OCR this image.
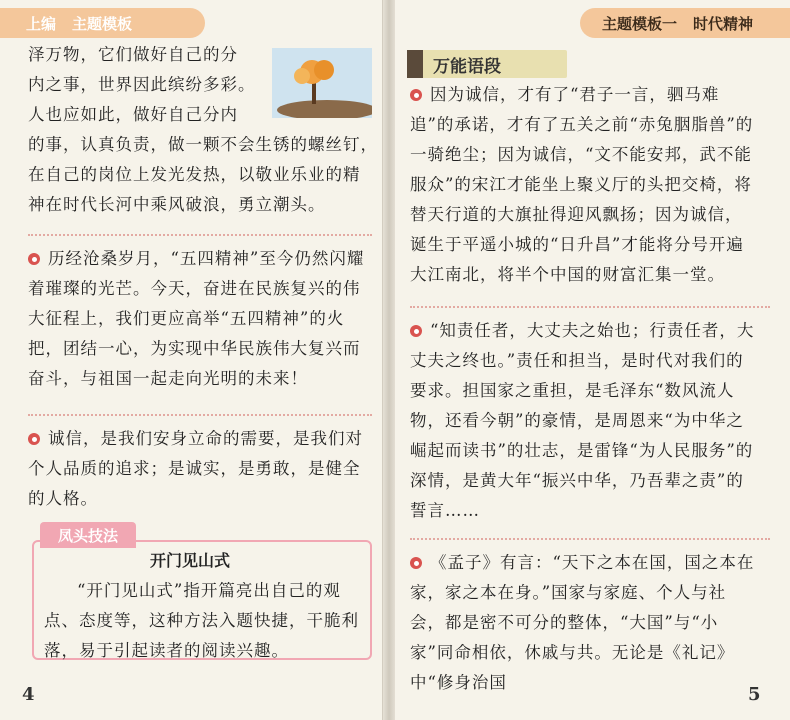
上编 主题模板
泽万物，它们做好自己的分
内之事，世界因此缤纷多彩。
人也应如此，做好自己分内
的事，认真负责，做一颗不会生锈的螺丝钉，
在自己的岗位上发光发热，以敬业乐业的精
神在时代长河中乘风破浪，勇立潮头。

历经沧桑岁月，“五四精神”至今仍然闪耀着璀璨的光芒。今天，奋进在民族复兴的伟大征程上，我们更应高举“五四精神”的火把，团结一心，为实现中华民族伟大复兴而奋斗，与祖国一起走向光明的未来！

诚信，是我们安身立命的需要，是我们对个人品质的追求；是诚实，是勇敢，是健全的人格。

凤头技法
开门见山式

“开门见山式”指开篇亮出自己的观点、态度等，这种方法入题快捷，干脆利落，易于引起读者的阅读兴趣。

4
主题模板一 时代精神
万能语段

因为诚信，才有了“君子一言，驷马难追”的承诺，才有了五关之前“赤兔胭脂兽”的一骑绝尘；因为诚信，“文不能安邦，武不能服众”的宋江才能坐上聚义厅的头把交椅，将替天行道的大旗扯得迎风飘扬；因为诚信，诞生于平遥小城的“日升昌”才能将分号开遍大江南北，将半个中国的财富汇集一堂。

“知责任者，大丈夫之始也；行责任者，大丈夫之终也。”责任和担当，是时代对我们的要求。担国家之重担，是毛泽东“数风流人物，还看今朝”的豪情，是周恩来“为中华之崛起而读书”的壮志，是雷锋“为人民服务”的深情，是黄大年“振兴中华，乃吾辈之责”的誓言……

《孟子》有言：“天下之本在国，国之本在家，家之本在身。”国家与家庭、个人与社会，都是密不可分的整体，“大国”与“小家”同命相依，休戚与共。无论是《礼记》中“修身治国

5
